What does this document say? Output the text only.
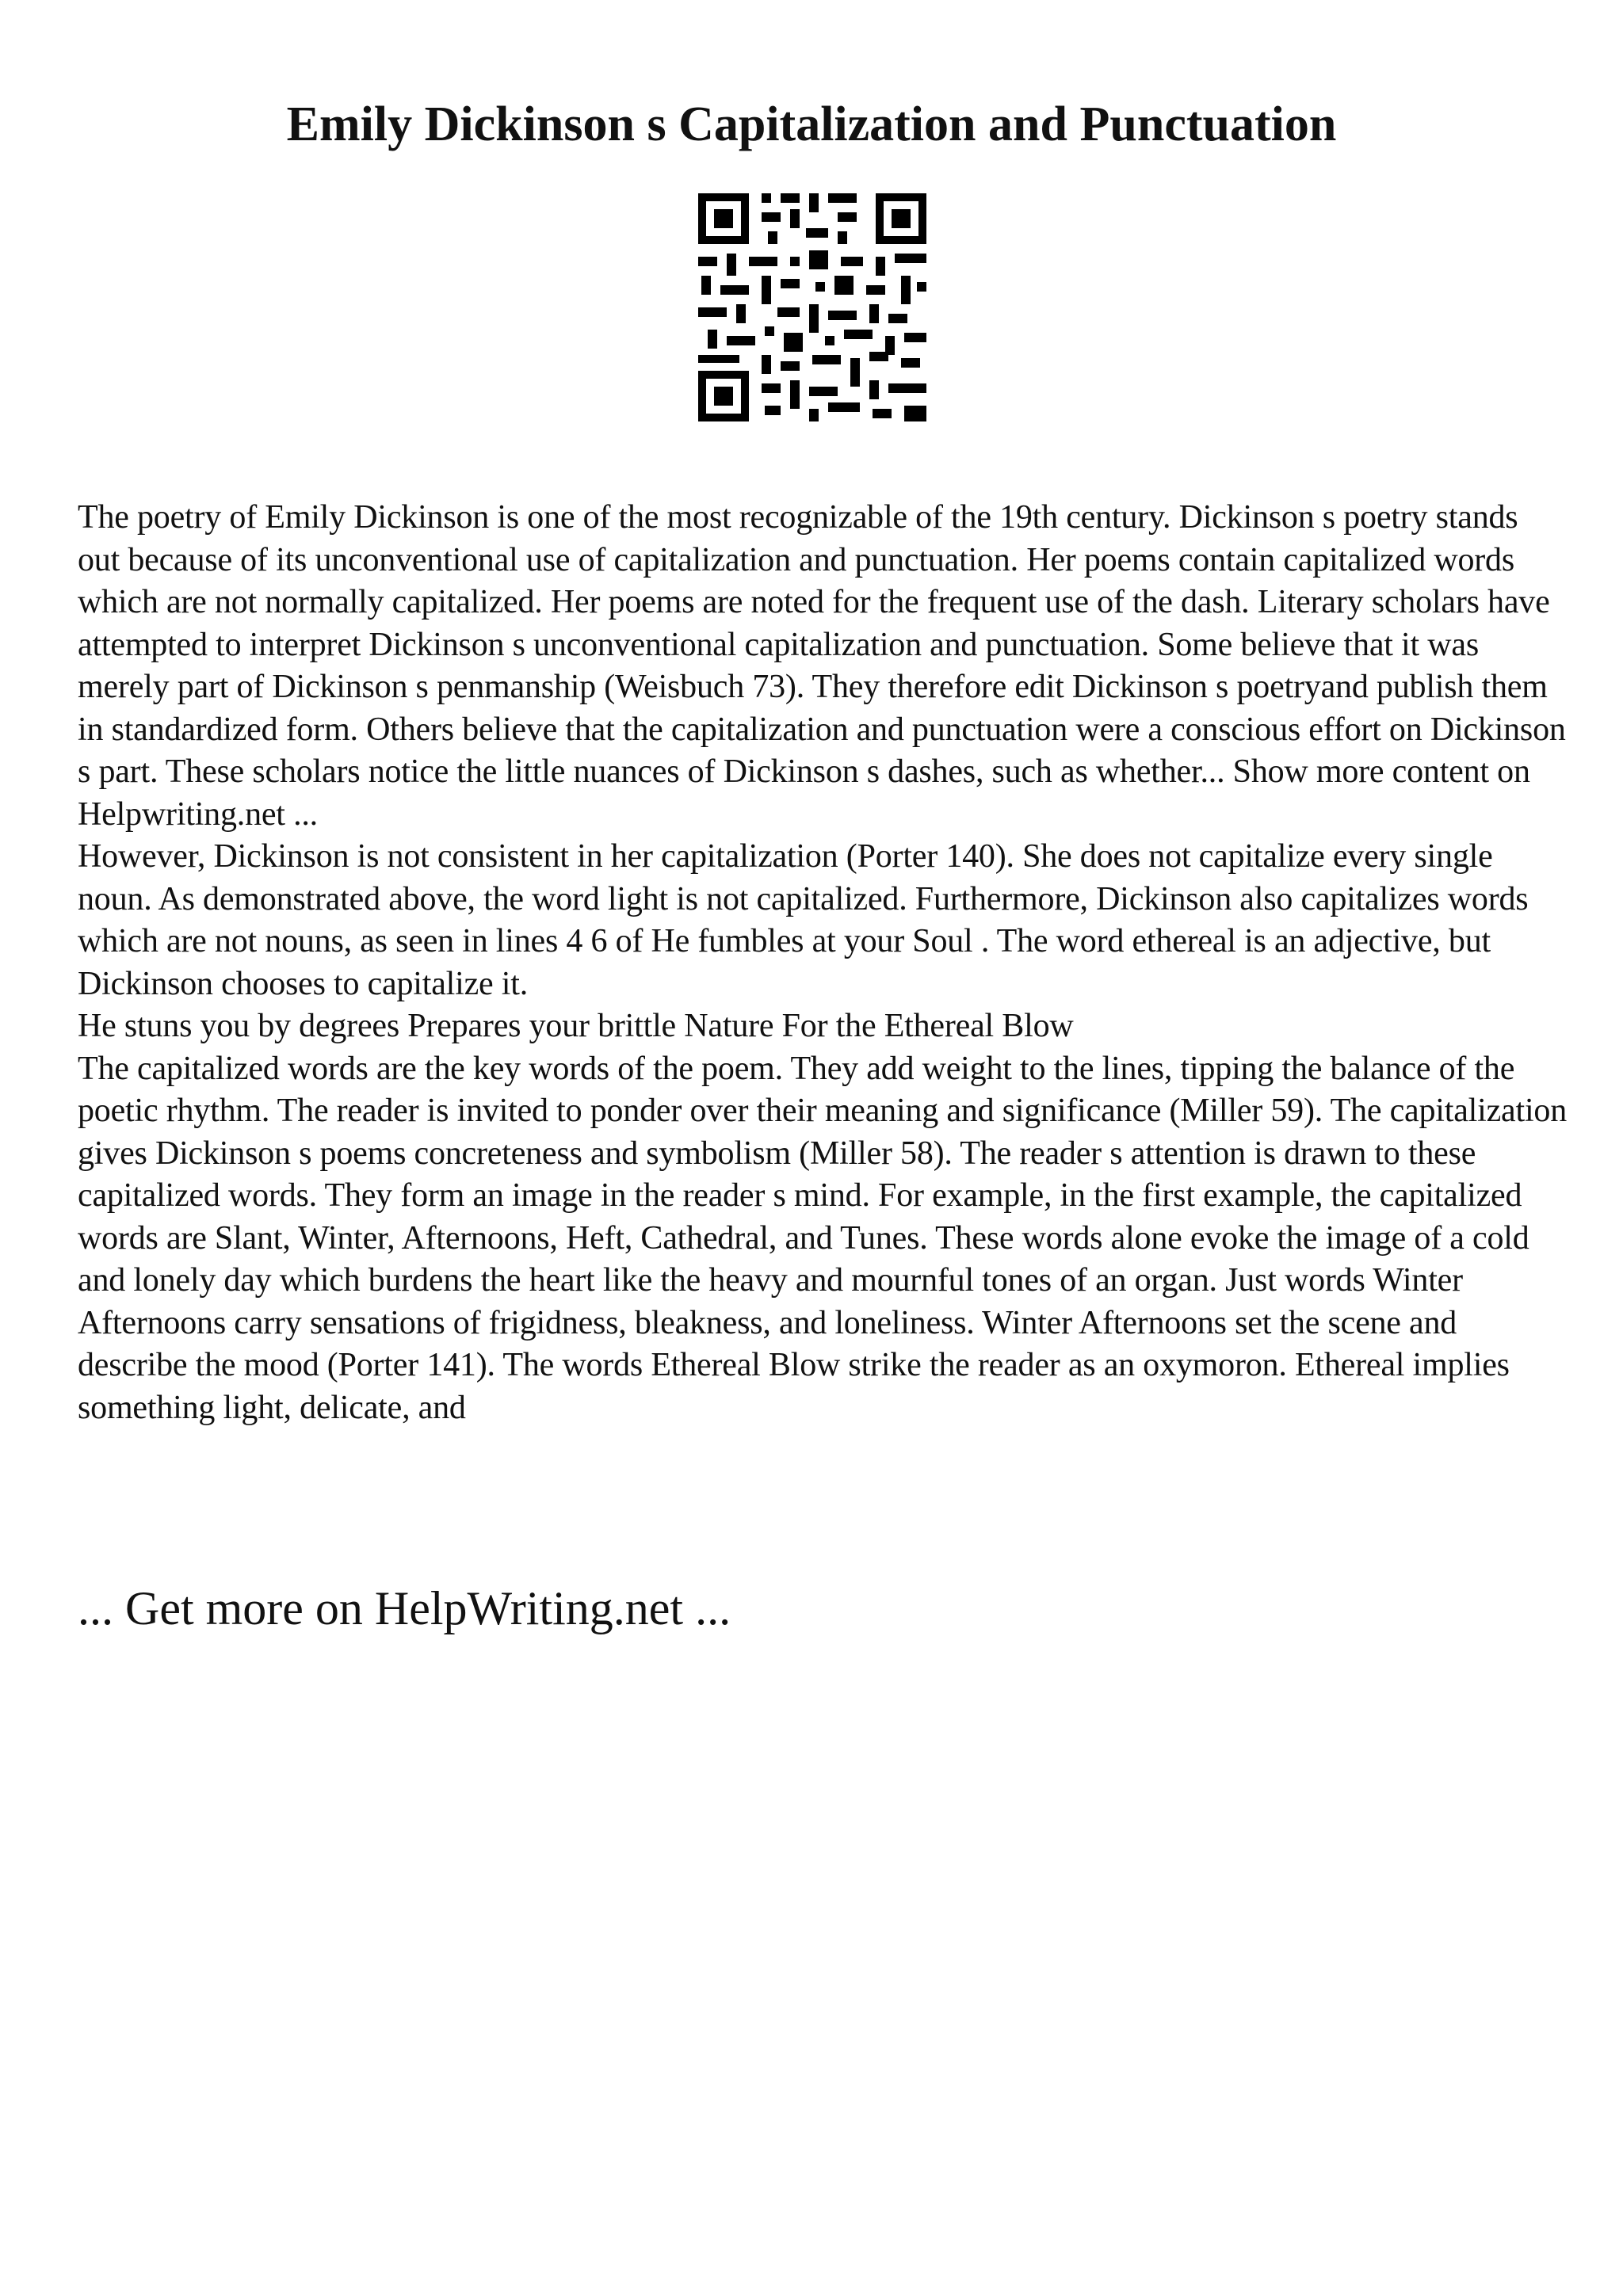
Emily Dickinson s Capitalization and Punctuation

The poetry of Emily Dickinson is one of the most recognizable of the 19th century. Dickinson s poetry stands out because of its unconventional use of capitalization and punctuation. Her poems contain capitalized words which are not normally capitalized. Her poems are noted for the frequent use of the dash. Literary scholars have attempted to interpret Dickinson s unconventional capitalization and punctuation. Some believe that it was merely part of Dickinson s penmanship (Weisbuch 73). They therefore edit Dickinson s poetryand publish them in standardized form. Others believe that the capitalization and punctuation were a conscious effort on Dickinson s part. These scholars notice the little nuances of Dickinson s dashes, such as whether... Show more content on Helpwriting.net ...

However, Dickinson is not consistent in her capitalization (Porter 140). She does not capitalize every single noun. As demonstrated above, the word light is not capitalized. Furthermore, Dickinson also capitalizes words which are not nouns, as seen in lines 4 6 of He fumbles at your Soul . The word ethereal is an adjective, but Dickinson chooses to capitalize it.

He stuns you by degrees Prepares your brittle Nature For the Ethereal Blow

The capitalized words are the key words of the poem. They add weight to the lines, tipping the balance of the poetic rhythm. The reader is invited to ponder over their meaning and significance (Miller 59). The capitalization gives Dickinson s poems concreteness and symbolism (Miller 58). The reader s attention is drawn to these capitalized words. They form an image in the reader s mind. For example, in the first example, the capitalized words are Slant, Winter, Afternoons, Heft, Cathedral, and Tunes. These words alone evoke the image of a cold and lonely day which burdens the heart like the heavy and mournful tones of an organ. Just words Winter Afternoons carry sensations of frigidness, bleakness, and loneliness. Winter Afternoons set the scene and describe the mood (Porter 141). The words Ethereal Blow strike the reader as an oxymoron. Ethereal implies something light, delicate, and

... Get more on HelpWriting.net ...
